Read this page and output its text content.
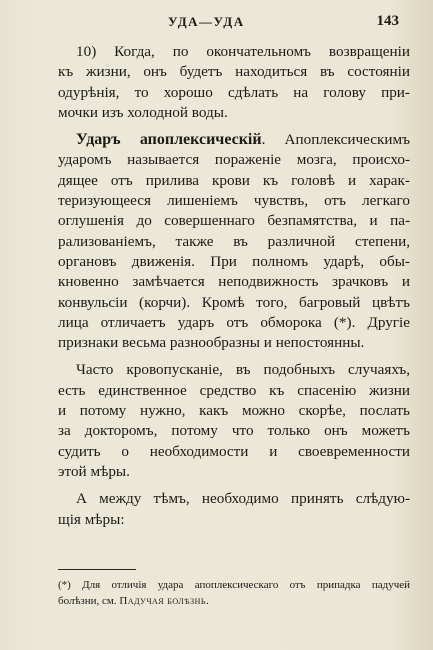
УДА—УДА	143
10) Когда, по окончательномъ возвращеніи
къ жизни, онъ будетъ находиться въ состояніи
одурѣнія, то хорошо сдѣлать на голову при-
мочки изъ холодной воды.
Ударъ апоплексическій. Апоплексическимъ
ударомъ называется пораженіе мозга, происхо-
дящее отъ прилива крови къ головѣ и харак-
теризующееся лишеніемъ чувствъ, отъ легкаго
оглушенія до совершеннаго безпамятства, и па-
рализованіемъ, также въ различной степени,
органовъ движенія. При полномъ ударѣ, обы-
кновенно замѣчается неподвижность зрачковъ и
конвульсіи (корчи). Кромѣ того, багровый цвѣтъ
лица отличаетъ ударъ отъ обморока (*). Другіе
признаки весьма разнообразны и непостоянны.
Часто кровопусканіе, въ подобныхъ случаяхъ,
есть единственное средство къ спасенію жизни
и потому нужно, какъ можно скорѣе, послать
за докторомъ, потому что только онъ можетъ
судить о необходимости и своевременности
этой мѣры.
А между тѣмъ, необходимо принять слѣдую-
щія мѣры:
(*) Для отличія удара апоплексическаго отъ припадка падучей
болѣзни, см. Падучая болѣзнь.
